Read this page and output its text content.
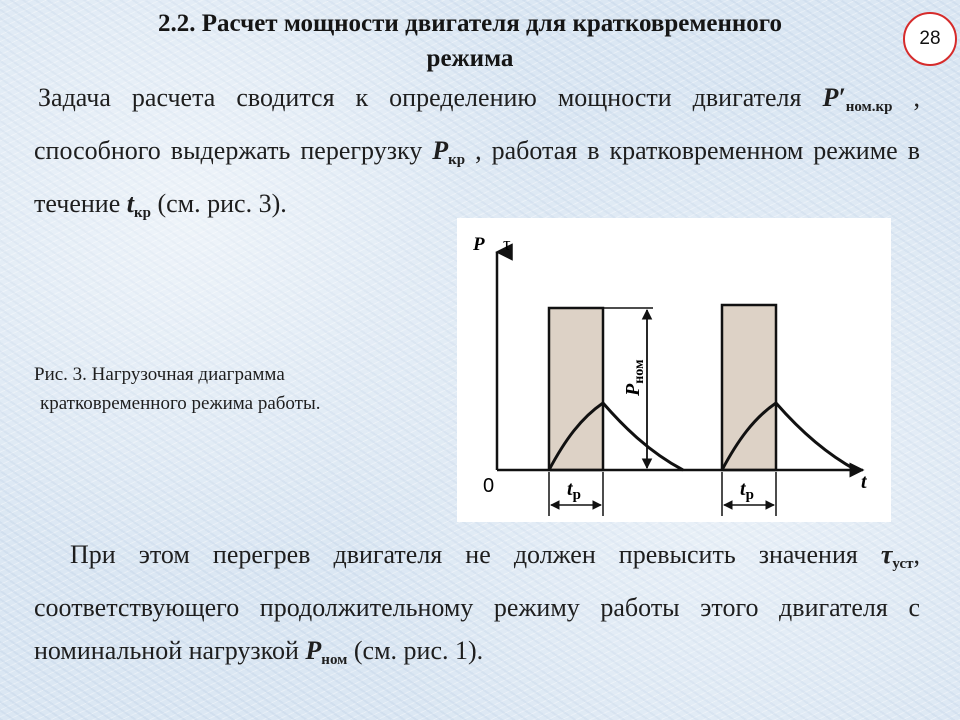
2.2. Расчет мощности двигателя для кратковременного
режима
28
Задача расчета сводится к определению мощности двигателя $P'_{ном.кр}$ , способного выдержать перегрузку $P_{кр}$ , работая в кратковременном режиме в течение $t_{кр}$ (см. рис. 3).
Рис. 3. Нагрузочная диаграмма
кратковременного режима работы.
P τ
0	t
$t_р$	$t_р$
$P_{ном}$
При этом перегрев двигателя не должен превысить значения $\tau_{уст}$, соответствующего продолжительному режиму работы этого двигателя с номинальной нагрузкой $P_{ном}$ (см. рис. 1).
